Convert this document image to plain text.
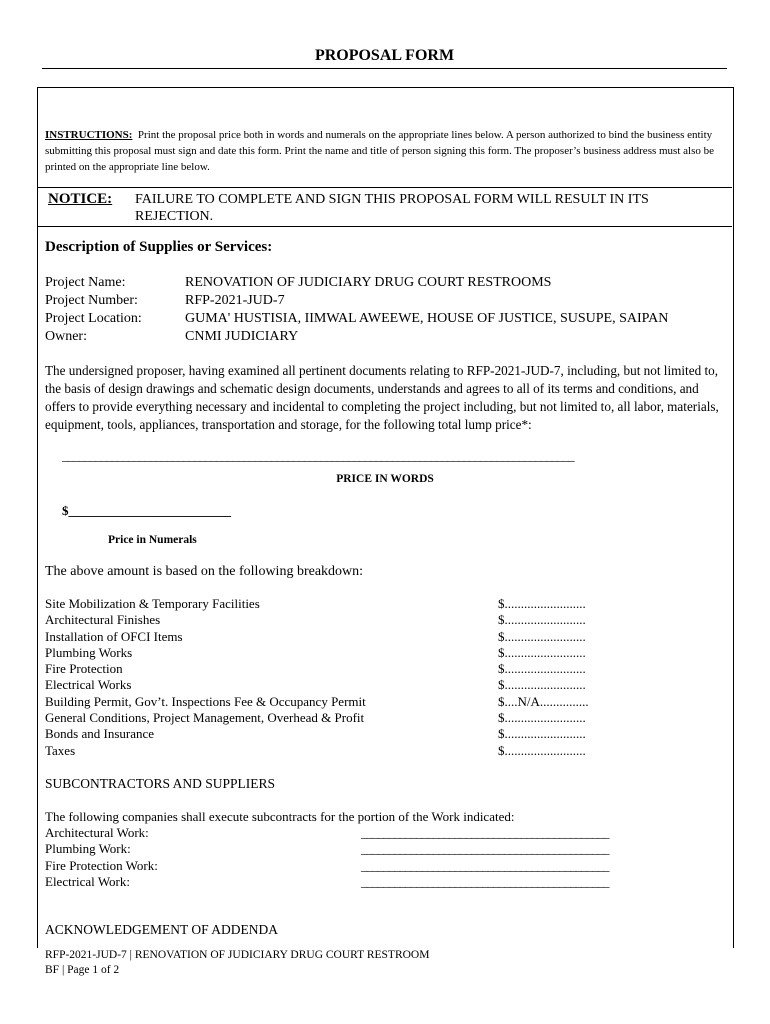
PROPOSAL FORM
INSTRUCTIONS: Print the proposal price both in words and numerals on the appropriate lines below. A person authorized to bind the business entity submitting this proposal must sign and date this form. Print the name and title of person signing this form. The proposer’s business address must also be printed on the appropriate line below.
NOTICE: FAILURE TO COMPLETE AND SIGN THIS PROPOSAL FORM WILL RESULT IN ITS REJECTION.
Description of Supplies or Services:
Project Name:	RENOVATION OF JUDICIARY DRUG COURT RESTROOMS
Project Number:	RFP-2021-JUD-7
Project Location:	GUMA' HUSTISIA, IIMWAL AWEEWE, HOUSE OF JUSTICE, SUSUPE, SAIPAN
Owner:	CNMI JUDICIARY
The undersigned proposer, having examined all pertinent documents relating to RFP-2021-JUD-7, including, but not limited to, the basis of design drawings and schematic design documents, understands and agrees to all of its terms and conditions, and offers to provide everything necessary and incidental to completing the project including, but not limited to, all labor, materials, equipment, tools, appliances, transportation and storage, for the following total lump price*:
_____________________________________________________________________________________________
PRICE IN WORDS
$_________________________
Price in Numerals
The above amount is based on the following breakdown:
Site Mobilization & Temporary Facilities	$.........................
Architectural Finishes	$.........................
Installation of OFCI Items	$.........................
Plumbing Works	$.........................
Fire Protection	$.........................
Electrical Works	$.........................
Building Permit, Gov’t. Inspections Fee & Occupancy Permit	$....N/A...............
General Conditions, Project Management, Overhead & Profit	$.........................
Bonds and Insurance	$.........................
Taxes	$.........................
SUBCONTRACTORS AND SUPPLIERS
The following companies shall execute subcontracts for the portion of the Work indicated:
Architectural Work:	_____________________________________________
Plumbing Work:	_____________________________________________
Fire Protection Work:	_____________________________________________
Electrical Work:	_____________________________________________
ACKNOWLEDGEMENT OF ADDENDA
RFP-2021-JUD-7 | RENOVATION OF JUDICIARY DRUG COURT RESTROOM
BF | Page 1 of 2
